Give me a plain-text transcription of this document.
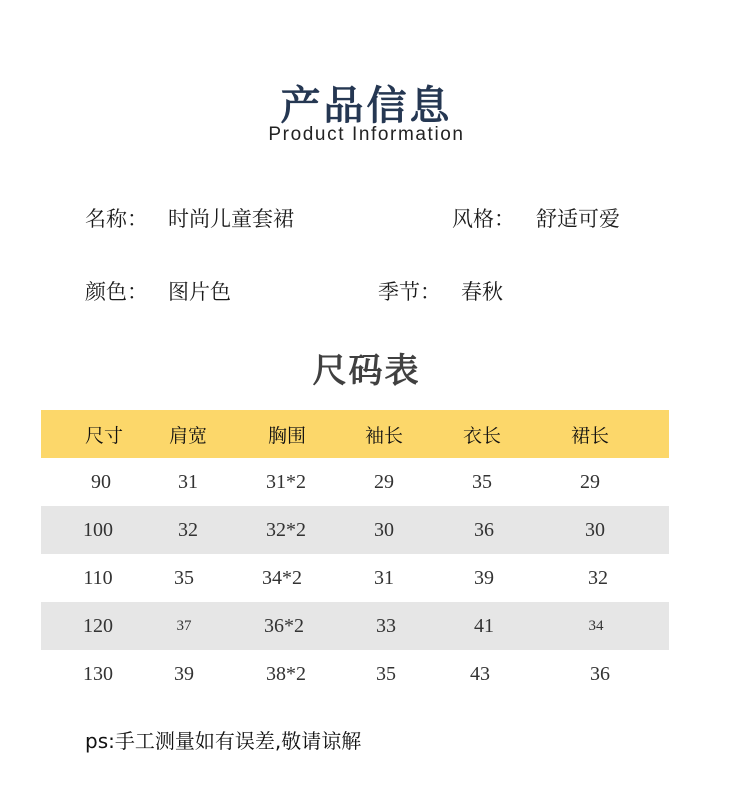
产品信息
Product Information
名称： 时尚儿童套裙	风格： 舒适可爱
颜色： 图片色	季节： 春秋
尺码表
尺寸	肩宽	胸围	袖长	衣长	裙长
90	31	31*2	29	35	29
100	32	32*2	30	36	30
110	35	34*2	31	39	32
120	37	36*2	33	41	34
130	39	38*2	35	43	36
ps:手工测量如有误差,敬请谅解
